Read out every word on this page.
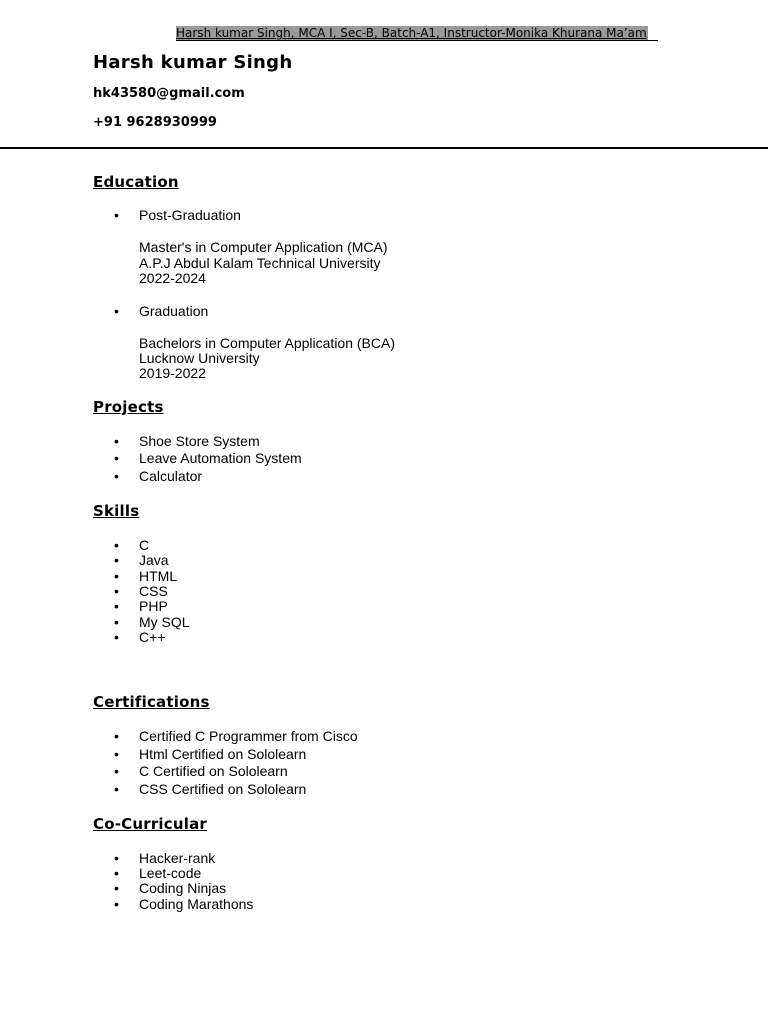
Harsh kumar Singh, MCA I, Sec-B, Batch-A1, Instructor-Monika Khurana Ma’am
Harsh kumar Singh

hk43580@gmail.com

+91 9628930999

Education
• Post-Graduation
Master's in Computer Application (MCA)
A.P.J Abdul Kalam Technical University
2022-2024
• Graduation
Bachelors in Computer Application (BCA)
Lucknow University
2019-2022
Projects
• Shoe Store System
• Leave Automation System
• Calculator
Skills
• C
• Java
• HTML
• CSS
• PHP
• My SQL
• C++
Certifications
• Certified C Programmer from Cisco
• Html Certified on Sololearn
• C Certified on Sololearn
• CSS Certified on Sololearn
Co-Curricular
• Hacker-rank
• Leet-code
• Coding Ninjas
• Coding Marathons
